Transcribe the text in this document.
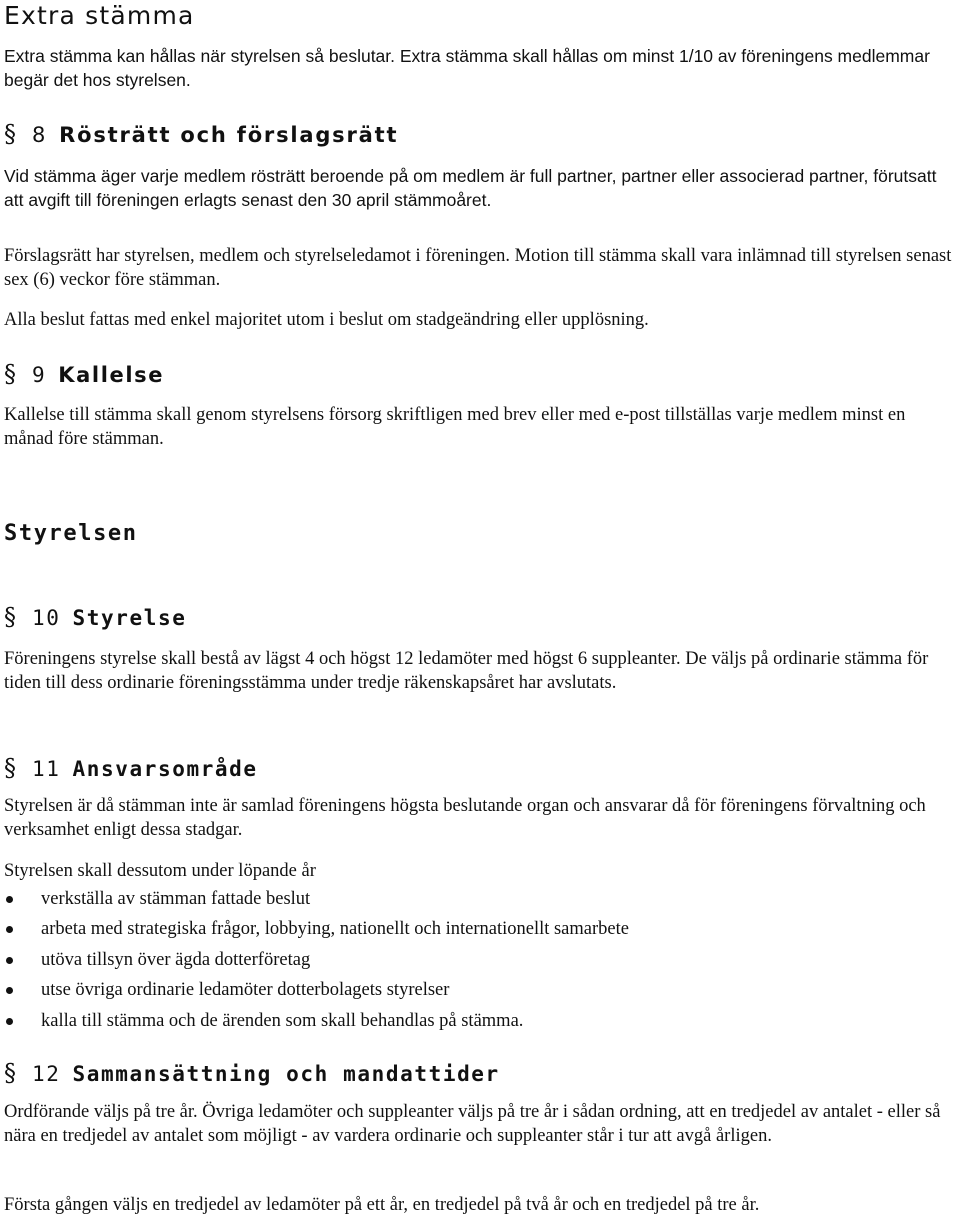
Extra stämma

Extra stämma kan hållas när styrelsen så beslutar. Extra stämma skall hållas om minst 1/10 av föreningens medlemmar begär det hos styrelsen.

§ 8 Rösträtt och förslagsrätt

Vid stämma äger varje medlem rösträtt beroende på om medlem är full partner, partner eller associerad partner, förutsatt att avgift till föreningen erlagts senast den 30 april stämmoåret.

Förslagsrätt har styrelsen, medlem och styrelseledamot i föreningen. Motion till stämma skall vara inlämnad till styrelsen senast sex (6) veckor före stämman.

Alla beslut fattas med enkel majoritet utom i beslut om stadgeändring eller upplösning.

§ 9 Kallelse

Kallelse till stämma skall genom styrelsens försorg skriftligen med brev eller med e-post tillställas varje medlem minst en månad före stämman.

Styrelsen
§ 10 Styrelse

Föreningens styrelse skall bestå av lägst 4 och högst 12 ledamöter med högst 6 suppleanter. De väljs på ordinarie stämma för tiden till dess ordinarie föreningsstämma under tredje räkenskapsåret har avslutats.

§ 11 Ansvarsområde

Styrelsen är då stämman inte är samlad föreningens högsta beslutande organ och ansvarar då för föreningens förvaltning och verksamhet enligt dessa stadgar.

Styrelsen skall dessutom under löpande år

verkställa av stämman fattade beslut
arbeta med strategiska frågor, lobbying, nationellt och internationellt samarbete
utöva tillsyn över ägda dotterföretag
utse övriga ordinarie ledamöter dotterbolagets styrelser
kalla till stämma och de ärenden som skall behandlas på stämma.
§ 12 Sammansättning och mandattider

Ordförande väljs på tre år. Övriga ledamöter och suppleanter väljs på tre år i sådan ordning, att en tredjedel av antalet - eller så nära en tredjedel av antalet som möjligt - av vardera ordinarie och suppleanter står i tur att avgå årligen.

Första gången väljs en tredjedel av ledamöter på ett år, en tredjedel på två år och en tredjedel på tre år.
